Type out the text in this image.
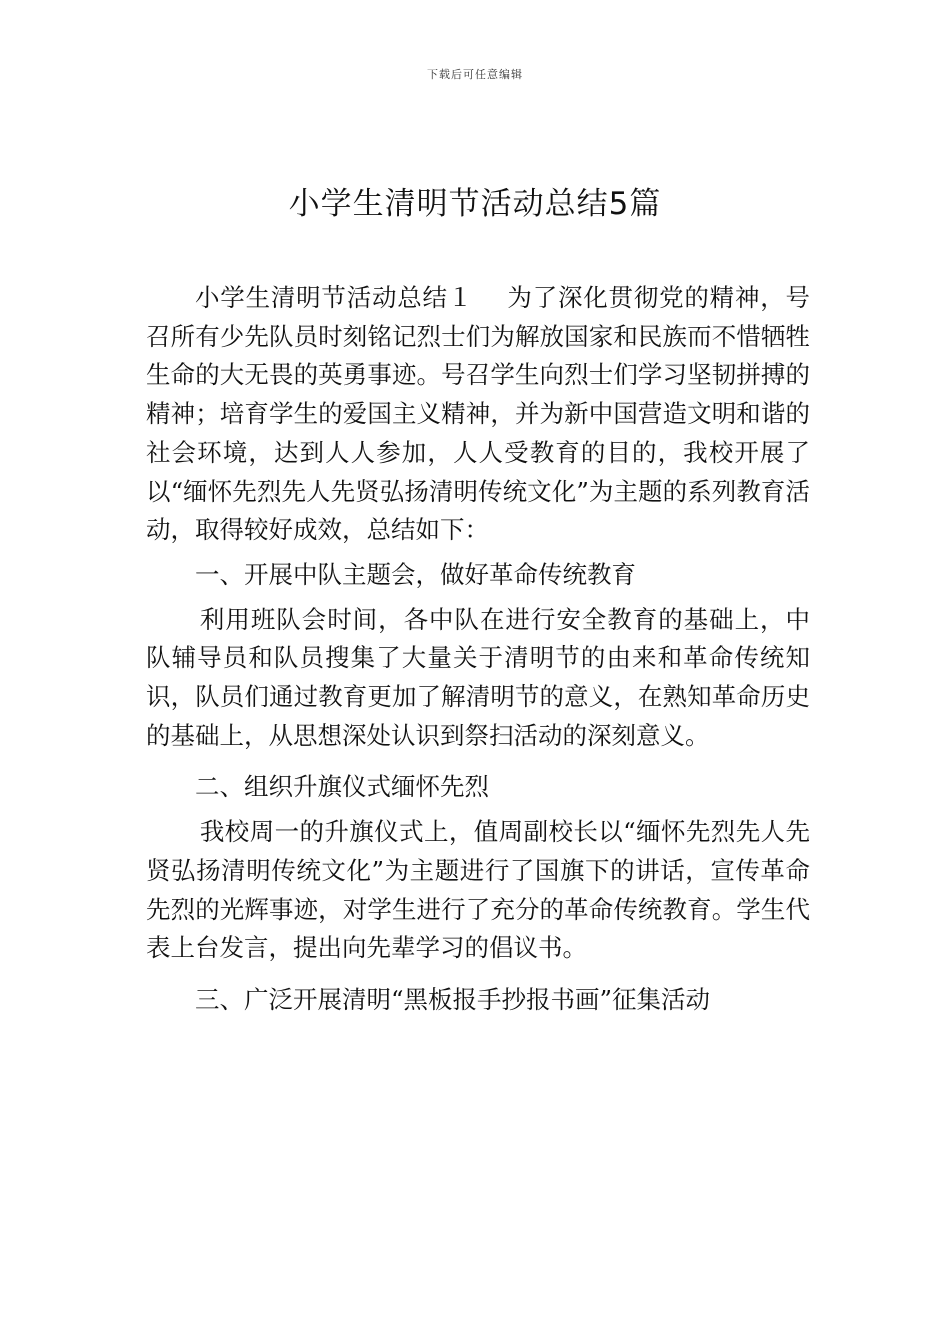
下载后可任意编辑
小学生清明节活动总结5篇

小学生清明节活动总结１ 为了深化贯彻党的精神，号召所有少先队员时刻铭记烈士们为解放国家和民族而不惜牺牲生命的大无畏的英勇事迹。号召学生向烈士们学习坚韧拼搏的精神；培育学生的爱国主义精神，并为新中国营造文明和谐的社会环境，达到人人参加，人人受教育的目的，我校开展了以“缅怀先烈先人先贤弘扬清明传统文化”为主题的系列教育活动，取得较好成效，总结如下：

一、开展中队主题会，做好革命传统教育

利用班队会时间，各中队在进行安全教育的基础上，中队辅导员和队员搜集了大量关于清明节的由来和革命传统知识，队员们通过教育更加了解清明节的意义，在熟知革命历史的基础上，从思想深处认识到祭扫活动的深刻意义。

二、组织升旗仪式缅怀先烈

我校周一的升旗仪式上，值周副校长以“缅怀先烈先人先贤弘扬清明传统文化”为主题进行了国旗下的讲话，宣传革命先烈的光辉事迹，对学生进行了充分的革命传统教育。学生代表上台发言，提出向先辈学习的倡议书。

三、广泛开展清明“黑板报手抄报书画”征集活动
